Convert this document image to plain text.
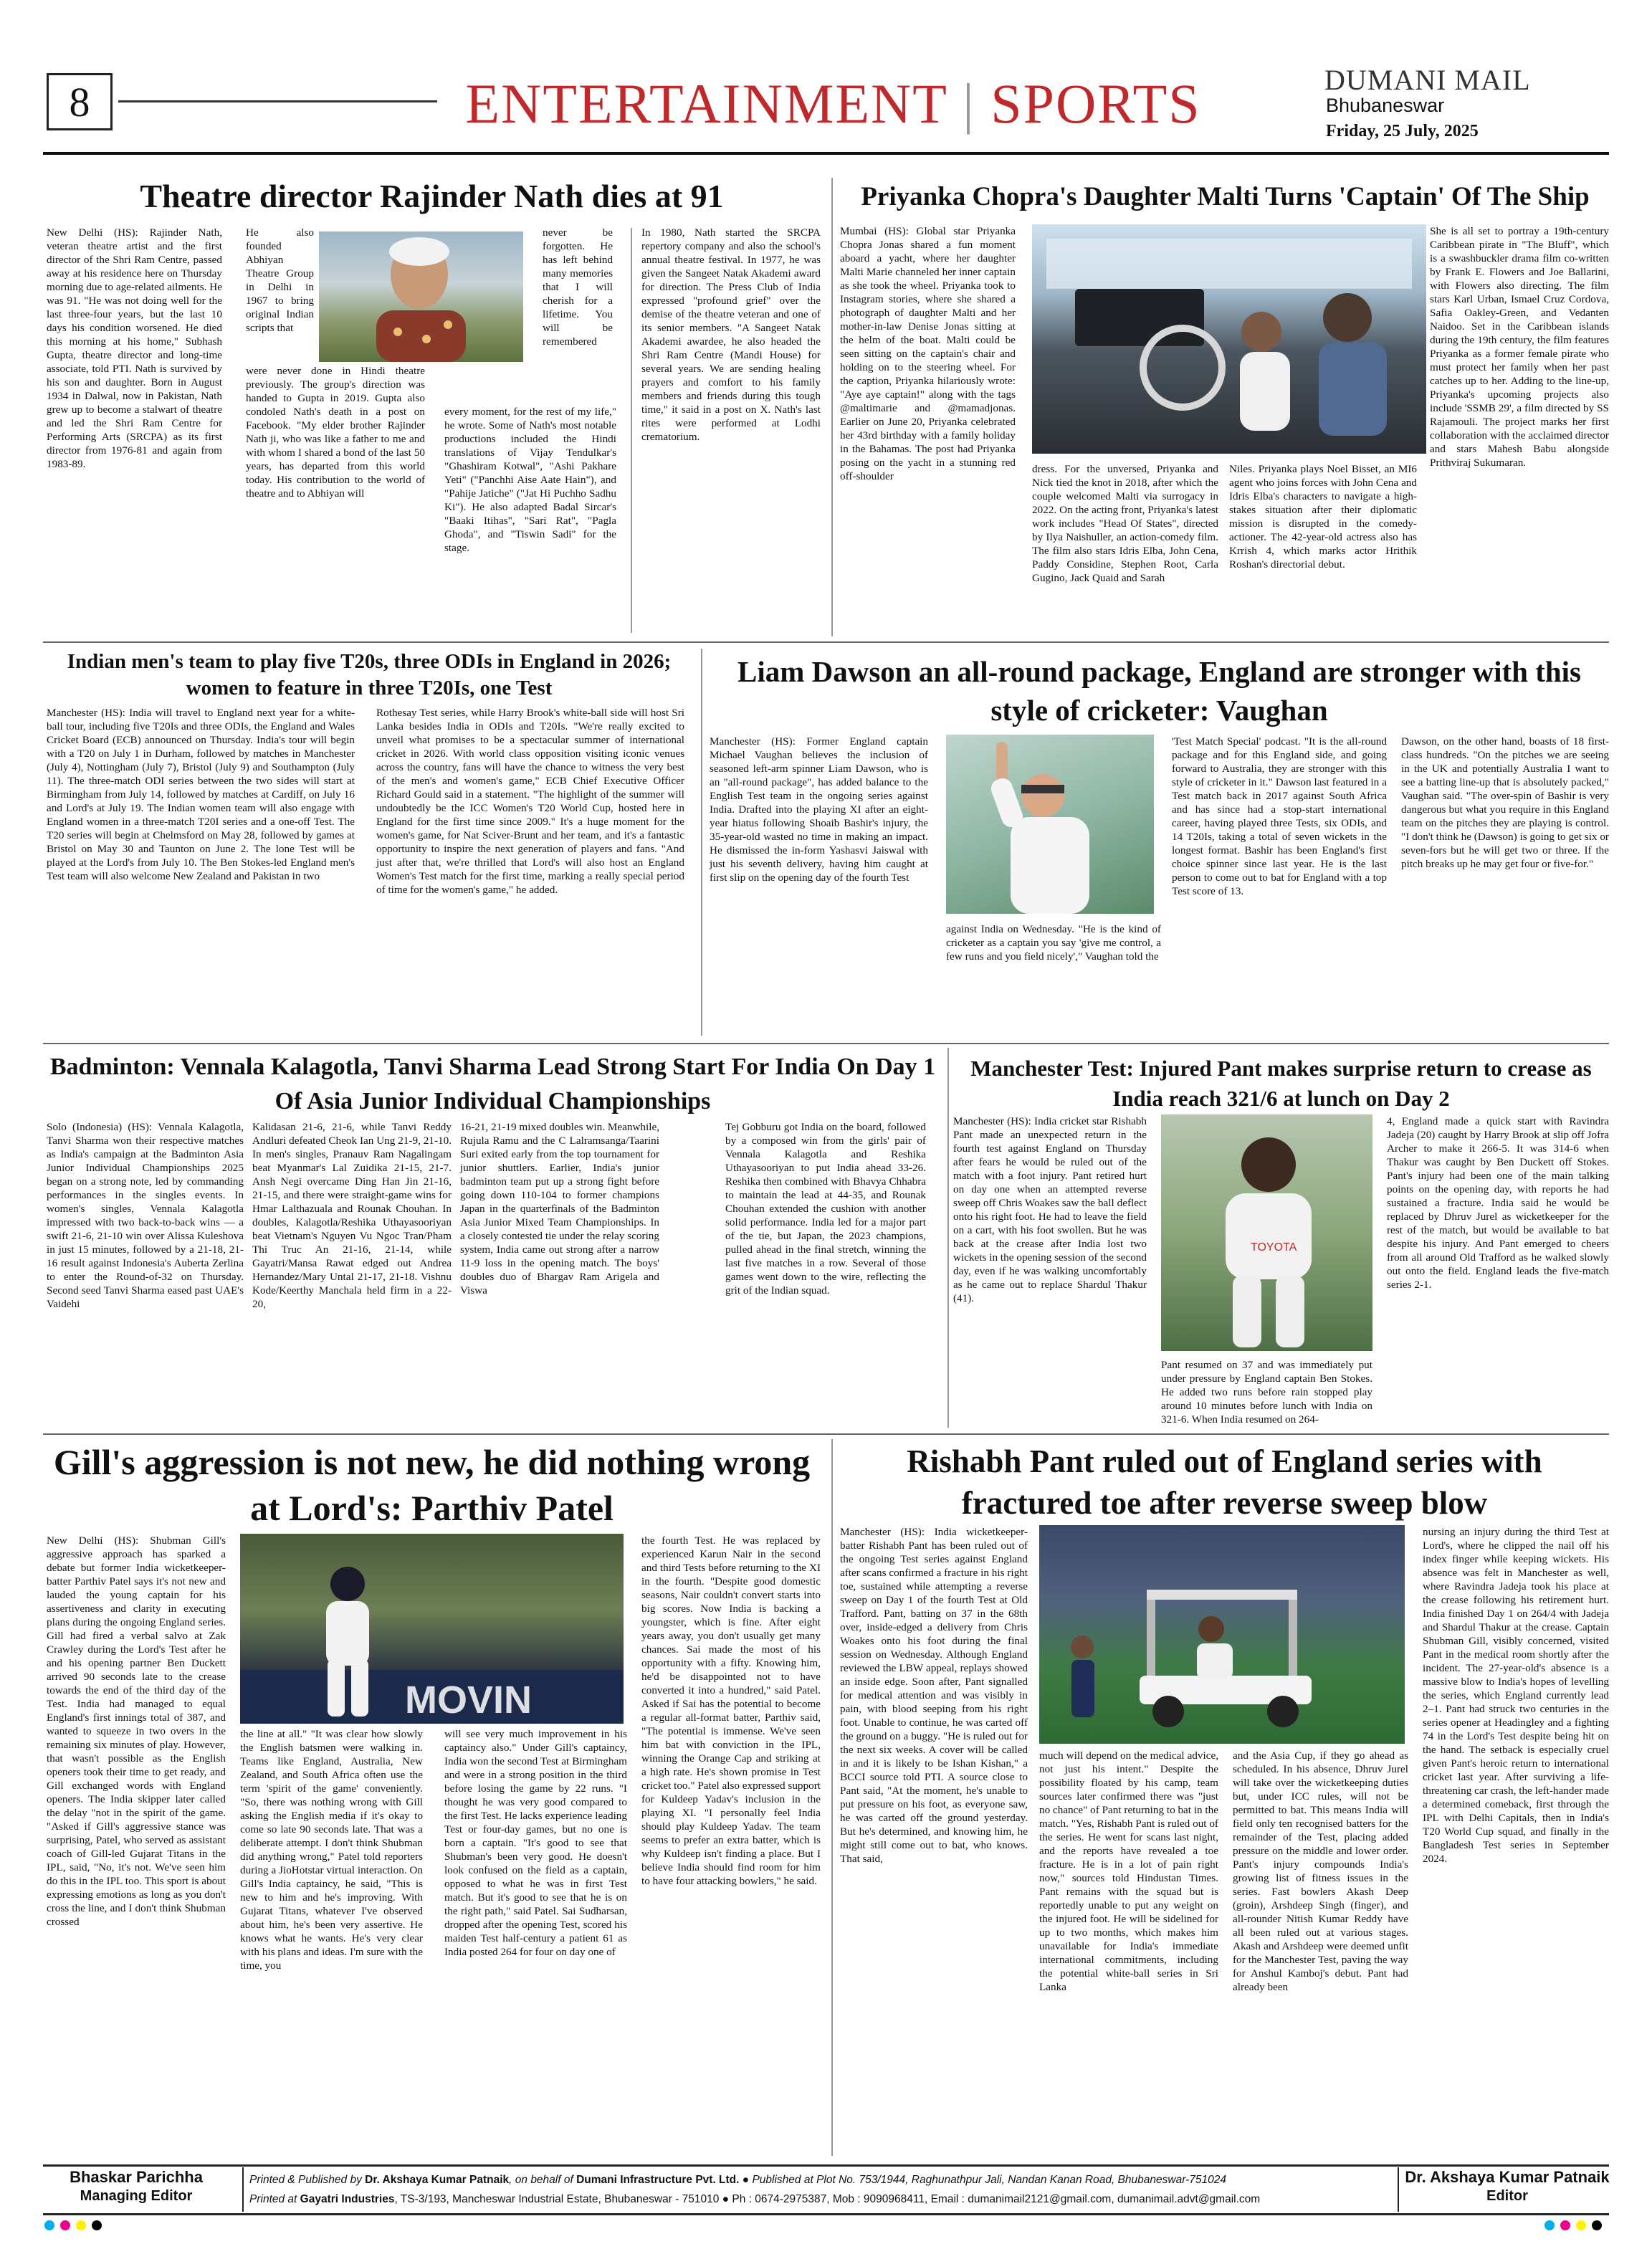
8	ENTERTAINMENT | SPORTS	DUMANI MAIL
Bhubaneswar
Friday, 25 July, 2025
Theatre director Rajinder Nath dies at 91
New Delhi (HS): Rajinder Nath, veteran theatre artist and the first director of the Shri Ram Centre, passed away at his residence here on Thursday morning due to age-related ailments. He was 91. "He was not doing well for the last three-four years, but the last 10 days his condition worsened. He died this morning at his home," Subhash Gupta, theatre director and long-time associate, told PTI. Nath is survived by his son and daughter. Born in August 1934 in Dalwal, now in Pakistan, Nath grew up to become a stalwart of theatre and led the Shri Ram Centre for Performing Arts (SRCPA) as its first director from 1976-81 and again from 1983-89.
He also founded Abhiyan Theatre Group in Delhi in 1967 to bring original Indian scripts that
were never done in Hindi theatre previously. The group's direction was handed to Gupta in 2019. Gupta also condoled Nath's death in a post on Facebook. "My elder brother Rajinder Nath ji, who was like a father to me and with whom I shared a bond of the last 50 years, has departed from this world today. His contribution to the world of theatre and to Abhiyan will
never be forgotten. He has left behind many memories that I will cherish for a lifetime. You will be remembered
every moment, for the rest of my life," he wrote. Some of Nath's most notable productions included the Hindi translations of Vijay Tendulkar's "Ghashiram Kotwal", "Ashi Pakhare Yeti" ("Panchhi Aise Aate Hain"), and "Pahije Jatiche" ("Jat Hi Puchho Sadhu Ki"). He also adapted Badal Sircar's "Baaki Itihas", "Sari Rat", "Pagla Ghoda", and "Tiswin Sadi" for the stage.
In 1980, Nath started the SRCPA repertory company and also the school's annual theatre festival. In 1977, he was given the Sangeet Natak Akademi award for direction. The Press Club of India expressed "profound grief" over the demise of the theatre veteran and one of its senior members. "A Sangeet Natak Akademi awardee, he also headed the Shri Ram Centre (Mandi House) for several years. We are sending healing prayers and comfort to his family members and friends during this tough time," it said in a post on X. Nath's last rites were performed at Lodhi crematorium.
Priyanka Chopra's Daughter Malti Turns 'Captain' Of The Ship
Mumbai (HS): Global star Priyanka Chopra Jonas shared a fun moment aboard a yacht, where her daughter Malti Marie channeled her inner captain as she took the wheel. Priyanka took to Instagram stories, where she shared a photograph of daughter Malti and her mother-in-law Denise Jonas sitting at the helm of the boat. Malti could be seen sitting on the captain's chair and holding on to the steering wheel. For the caption, Priyanka hilariously wrote: "Aye aye captain!" along with the tags @maltimarie and @mamadjonas. Earlier on June 20, Priyanka celebrated her 43rd birthday with a family holiday in the Bahamas. The post had Priyanka posing on the yacht in a stunning red off-shoulder
dress. For the unversed, Priyanka and Nick tied the knot in 2018, after which the couple welcomed Malti via surrogacy in 2022. On the acting front, Priyanka's latest work includes "Head Of States", directed by Ilya Naishuller, an action-comedy film. The film also stars Idris Elba, John Cena, Paddy Considine, Stephen Root, Carla Gugino, Jack Quaid and Sarah
Niles. Priyanka plays Noel Bisset, an MI6 agent who joins forces with John Cena and Idris Elba's characters to navigate a high-stakes situation after their diplomatic mission is disrupted in the comedy-actioner. The 42-year-old actress also has Krrish 4, which marks actor Hrithik Roshan's directorial debut.
She is all set to portray a 19th-century Caribbean pirate in "The Bluff", which is a swashbuckler drama film co-written by Frank E. Flowers and Joe Ballarini, with Flowers also directing. The film stars Karl Urban, Ismael Cruz Cordova, Safia Oakley-Green, and Vedanten Naidoo. Set in the Caribbean islands during the 19th century, the film features Priyanka as a former female pirate who must protect her family when her past catches up to her. Adding to the line-up, Priyanka's upcoming projects also include 'SSMB 29', a film directed by SS Rajamouli. The project marks her first collaboration with the acclaimed director and stars Mahesh Babu alongside Prithviraj Sukumaran.
Indian men's team to play five T20s, three ODIs in England in 2026; women to feature in three T20Is, one Test
Manchester (HS): India will travel to England next year for a white-ball tour, including five T20Is and three ODIs, the England and Wales Cricket Board (ECB) announced on Thursday. India's tour will begin with a T20 on July 1 in Durham, followed by matches in Manchester (July 4), Nottingham (July 7), Bristol (July 9) and Southampton (July 11). The three-match ODI series between the two sides will start at Birmingham from July 14, followed by matches at Cardiff, on July 16 and Lord's at July 19. The Indian women team will also engage with England women in a three-match T20I series and a one-off Test. The T20 series will begin at Chelmsford on May 28, followed by games at Bristol on May 30 and Taunton on June 2. The lone Test will be played at the Lord's from July 10. The Ben Stokes-led England men's Test team will also welcome New Zealand and Pakistan in two
Rothesay Test series, while Harry Brook's white-ball side will host Sri Lanka besides India in ODIs and T20Is. "We're really excited to unveil what promises to be a spectacular summer of international cricket in 2026. With world class opposition visiting iconic venues across the country, fans will have the chance to witness the very best of the men's and women's game," ECB Chief Executive Officer Richard Gould said in a statement. "The highlight of the summer will undoubtedly be the ICC Women's T20 World Cup, hosted here in England for the first time since 2009." It's a huge moment for the women's game, for Nat Sciver-Brunt and her team, and it's a fantastic opportunity to inspire the next generation of players and fans. "And just after that, we're thrilled that Lord's will also host an England Women's Test match for the first time, marking a really special period of time for the women's game," he added.
Liam Dawson an all-round package, England are stronger with this style of cricketer: Vaughan
Manchester (HS): Former England captain Michael Vaughan believes the inclusion of seasoned left-arm spinner Liam Dawson, who is an "all-round package", has added balance to the English Test team in the ongoing series against India. Drafted into the playing XI after an eight-year hiatus following Shoaib Bashir's injury, the 35-year-old wasted no time in making an impact. He dismissed the in-form Yashasvi Jaiswal with just his seventh delivery, having him caught at first slip on the opening day of the fourth Test
against India on Wednesday. "He is the kind of cricketer as a captain you say 'give me control, a few runs and you field nicely'," Vaughan told the
'Test Match Special' podcast. "It is the all-round package and for this England side, and going forward to Australia, they are stronger with this style of cricketer in it." Dawson last featured in a Test match back in 2017 against South Africa and has since had a stop-start international career, having played three Tests, six ODIs, and 14 T20Is, taking a total of seven wickets in the longest format. Bashir has been England's first choice spinner since last year. He is the last person to come out to bat for England with a top Test score of 13.
Dawson, on the other hand, boasts of 18 first-class hundreds. "On the pitches we are seeing in the UK and potentially Australia I want to see a batting line-up that is absolutely packed," Vaughan said. "The over-spin of Bashir is very dangerous but what you require in this England team on the pitches they are playing is control. "I don't think he (Dawson) is going to get six or seven-fors but he will get two or three. If the pitch breaks up he may get four or five-for."
Badminton: Vennala Kalagotla, Tanvi Sharma Lead Strong Start For India On Day 1 Of Asia Junior Individual Championships
Solo (Indonesia) (HS): Vennala Kalagotla, Tanvi Sharma won their respective matches as India's campaign at the Badminton Asia Junior Individual Championships 2025 began on a strong note, led by commanding performances in the singles events. In women's singles, Vennala Kalagotla impressed with two back-to-back wins — a swift 21-6, 21-10 win over Alissa Kuleshova in just 15 minutes, followed by a 21-18, 21-16 result against Indonesia's Auberta Zerlina to enter the Round-of-32 on Thursday. Second seed Tanvi Sharma eased past UAE's Vaidehi
Kalidasan 21-6, 21-6, while Tanvi Reddy Andluri defeated Cheok Ian Ung 21-9, 21-10. In men's singles, Pranauv Ram Nagalingam beat Myanmar's Lal Zuidika 21-15, 21-7. Ansh Negi overcame Ding Han Jin 21-16, 21-15, and there were straight-game wins for Hmar Lalthazuala and Rounak Chouhan. In doubles, Kalagotla/Reshika Uthayasooriyan beat Vietnam's Nguyen Vu Ngoc Tran/Pham Thi Truc An 21-16, 21-14, while Gayatri/Mansa Rawat edged out Andrea Hernandez/Mary Untal 21-17, 21-18. Vishnu Kode/Keerthy Manchala held firm in a 22-20,
16-21, 21-19 mixed doubles win. Meanwhile, Rujula Ramu and the C Lalramsanga/Taarini Suri exited early from the top tournament for junior shuttlers. Earlier, India's junior badminton team put up a strong fight before going down 110-104 to former champions Japan in the quarterfinals of the Badminton Asia Junior Mixed Team Championships. In a closely contested tie under the relay scoring system, India came out strong after a narrow 11-9 loss in the opening match. The boys' doubles duo of Bhargav Ram Arigela and Viswa
Tej Gobburu got India on the board, followed by a composed win from the girls' pair of Vennala Kalagotla and Reshika Uthayasooriyan to put India ahead 33-26. Reshika then combined with Bhavya Chhabra to maintain the lead at 44-35, and Rounak Chouhan extended the cushion with another solid performance. India led for a major part of the tie, but Japan, the 2023 champions, pulled ahead in the final stretch, winning the last five matches in a row. Several of those games went down to the wire, reflecting the grit of the Indian squad.
Manchester Test: Injured Pant makes surprise return to crease as India reach 321/6 at lunch on Day 2
Manchester (HS): India cricket star Rishabh Pant made an unexpected return in the fourth test against England on Thursday after fears he would be ruled out of the match with a foot injury. Pant retired hurt on day one when an attempted reverse sweep off Chris Woakes saw the ball deflect onto his right foot. He had to leave the field on a cart, with his foot swollen. But he was back at the crease after India lost two wickets in the opening session of the second day, even if he was walking uncomfortably as he came out to replace Shardul Thakur (41).
TOYOTA
Pant resumed on 37 and was immediately put under pressure by England captain Ben Stokes. He added two runs before rain stopped play around 10 minutes before lunch with India on 321-6. When India resumed on 264-
4, England made a quick start with Ravindra Jadeja (20) caught by Harry Brook at slip off Jofra Archer to make it 266-5. It was 314-6 when Thakur was caught by Ben Duckett off Stokes. Pant's injury had been one of the main talking points on the opening day, with reports he had sustained a fracture. India said he would be replaced by Dhruv Jurel as wicketkeeper for the rest of the match, but would be available to bat despite his injury. And Pant emerged to cheers from all around Old Trafford as he walked slowly out onto the field. England leads the five-match series 2-1.
Gill's aggression is not new, he did nothing wrong at Lord's: Parthiv Patel
New Delhi (HS): Shubman Gill's aggressive approach has sparked a debate but former India wicketkeeper-batter Parthiv Patel says it's not new and lauded the young captain for his assertiveness and clarity in executing plans during the ongoing England series. Gill had fired a verbal salvo at Zak Crawley during the Lord's Test after he and his opening partner Ben Duckett arrived 90 seconds late to the crease towards the end of the third day of the Test. India had managed to equal England's first innings total of 387, and wanted to squeeze in two overs in the remaining six minutes of play. However, that wasn't possible as the English openers took their time to get ready, and Gill exchanged words with England openers. The India skipper later called the delay "not in the spirit of the game. "Asked if Gill's aggressive stance was surprising, Patel, who served as assistant coach of Gill-led Gujarat Titans in the IPL, said, "No, it's not. We've seen him do this in the IPL too. This sport is about expressing emotions as long as you don't cross the line, and I don't think Shubman crossed
MOVIN
the line at all." "It was clear how slowly the English batsmen were walking in. Teams like England, Australia, New Zealand, and South Africa often use the term 'spirit of the game' conveniently. "So, there was nothing wrong with Gill asking the English media if it's okay to come so late 90 seconds late. That was a deliberate attempt. I don't think Shubman did anything wrong," Patel told reporters during a JioHotstar virtual interaction. On Gill's India captaincy, he said, "This is new to him and he's improving. With Gujarat Titans, whatever I've observed about him, he's been very assertive. He knows what he wants. He's very clear with his plans and ideas. I'm sure with the time, you
will see very much improvement in his captaincy also." Under Gill's captaincy, India won the second Test at Birmingham and were in a strong position in the third before losing the game by 22 runs. "I thought he was very good compared to the first Test. He lacks experience leading Test or four-day games, but no one is born a captain. "It's good to see that Shubman's been very good. He doesn't look confused on the field as a captain, opposed to what he was in first Test match. But it's good to see that he is on the right path," said Patel. Sai Sudharsan, dropped after the opening Test, scored his maiden Test half-century a patient 61 as India posted 264 for four on day one of
the fourth Test. He was replaced by experienced Karun Nair in the second and third Tests before returning to the XI in the fourth. "Despite good domestic seasons, Nair couldn't convert starts into big scores. Now India is backing a youngster, which is fine. After eight years away, you don't usually get many chances. Sai made the most of his opportunity with a fifty. Knowing him, he'd be disappointed not to have converted it into a hundred," said Patel. Asked if Sai has the potential to become a regular all-format batter, Parthiv said, "The potential is immense. We've seen him bat with conviction in the IPL, winning the Orange Cap and striking at a high rate. He's shown promise in Test cricket too." Patel also expressed support for Kuldeep Yadav's inclusion in the playing XI. "I personally feel India should play Kuldeep Yadav. The team seems to prefer an extra batter, which is why Kuldeep isn't finding a place. But I believe India should find room for him to have four attacking bowlers," he said.
Rishabh Pant ruled out of England series with fractured toe after reverse sweep blow
Manchester (HS): India wicketkeeper-batter Rishabh Pant has been ruled out of the ongoing Test series against England after scans confirmed a fracture in his right toe, sustained while attempting a reverse sweep on Day 1 of the fourth Test at Old Trafford. Pant, batting on 37 in the 68th over, inside-edged a delivery from Chris Woakes onto his foot during the final session on Wednesday. Although England reviewed the LBW appeal, replays showed an inside edge. Soon after, Pant signalled for medical attention and was visibly in pain, with blood seeping from his right foot. Unable to continue, he was carted off the ground on a buggy. "He is ruled out for the next six weeks. A cover will be called in and it is likely to be Ishan Kishan," a BCCI source told PTI. A source close to Pant said, "At the moment, he's unable to put pressure on his foot, as everyone saw, he was carted off the ground yesterday. But he's determined, and knowing him, he might still come out to bat, who knows. That said,
much will depend on the medical advice, not just his intent." Despite the possibility floated by his camp, team sources later confirmed there was "just no chance" of Pant returning to bat in the match. "Yes, Rishabh Pant is ruled out of the series. He went for scans last night, and the reports have revealed a toe fracture. He is in a lot of pain right now," sources told Hindustan Times. Pant remains with the squad but is reportedly unable to put any weight on the injured foot. He will be sidelined for up to two months, which makes him unavailable for India's immediate international commitments, including the potential white-ball series in Sri Lanka
and the Asia Cup, if they go ahead as scheduled. In his absence, Dhruv Jurel will take over the wicketkeeping duties but, under ICC rules, will not be permitted to bat. This means India will field only ten recognised batters for the remainder of the Test, placing added pressure on the middle and lower order. Pant's injury compounds India's growing list of fitness issues in the series. Fast bowlers Akash Deep (groin), Arshdeep Singh (finger), and all-rounder Nitish Kumar Reddy have all been ruled out at various stages. Akash and Arshdeep were deemed unfit for the Manchester Test, paving the way for Anshul Kamboj's debut. Pant had already been
nursing an injury during the third Test at Lord's, where he clipped the nail off his index finger while keeping wickets. His absence was felt in Manchester as well, where Ravindra Jadeja took his place at the crease following his retirement hurt. India finished Day 1 on 264/4 with Jadeja and Shardul Thakur at the crease. Captain Shubman Gill, visibly concerned, visited Pant in the medical room shortly after the incident. The 27-year-old's absence is a massive blow to India's hopes of levelling the series, which England currently lead 2–1. Pant had struck two centuries in the series opener at Headingley and a fighting 74 in the Lord's Test despite being hit on the hand. The setback is especially cruel given Pant's heroic return to international cricket last year. After surviving a life-threatening car crash, the left-hander made a determined comeback, first through the IPL with Delhi Capitals, then in India's T20 World Cup squad, and finally in the Bangladesh Test series in September 2024.
Bhaskar Parichha
Managing Editor
Printed & Published by Dr. Akshaya Kumar Patnaik, on behalf of Dumani Infrastructure Pvt. Ltd. ● Published at Plot No. 753/1944, Raghunathpur Jali, Nandan Kanan Road, Bhubaneswar-751024
Printed at Gayatri Industries, TS-3/193, Mancheswar Industrial Estate, Bhubaneswar - 751010 ● Ph : 0674-2975387, Mob : 9090968411, Email : dumanimail2121@gmail.com, dumanimail.advt@gmail.com
Dr. Akshaya Kumar Patnaik
Editor
